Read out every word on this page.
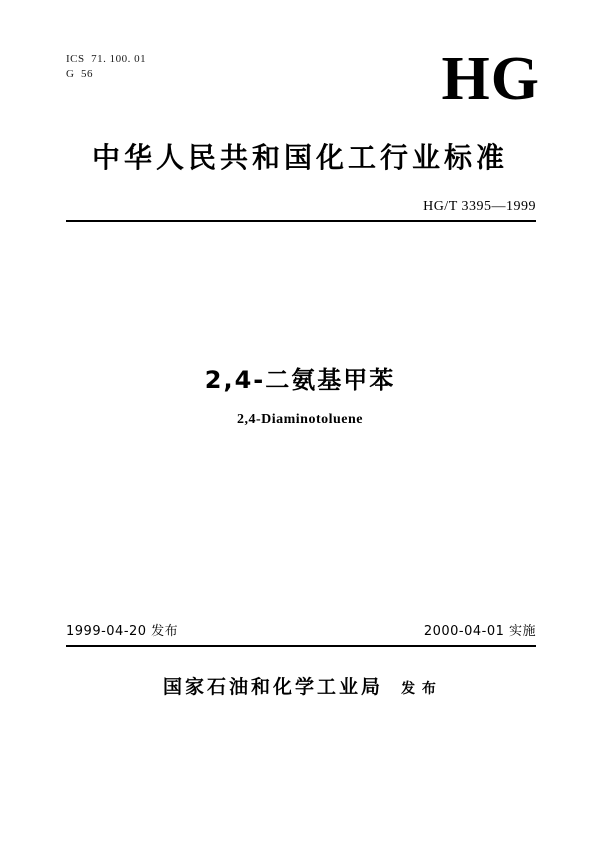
ICS  71. 100. 01
G  56	HG
中华人民共和国化工行业标准
HG/T 3395—1999
2,4-二氨基甲苯
2,4-Diaminotoluene
1999-04-20 发布	2000-04-01 实施
国家石油和化学工业局 发 布
